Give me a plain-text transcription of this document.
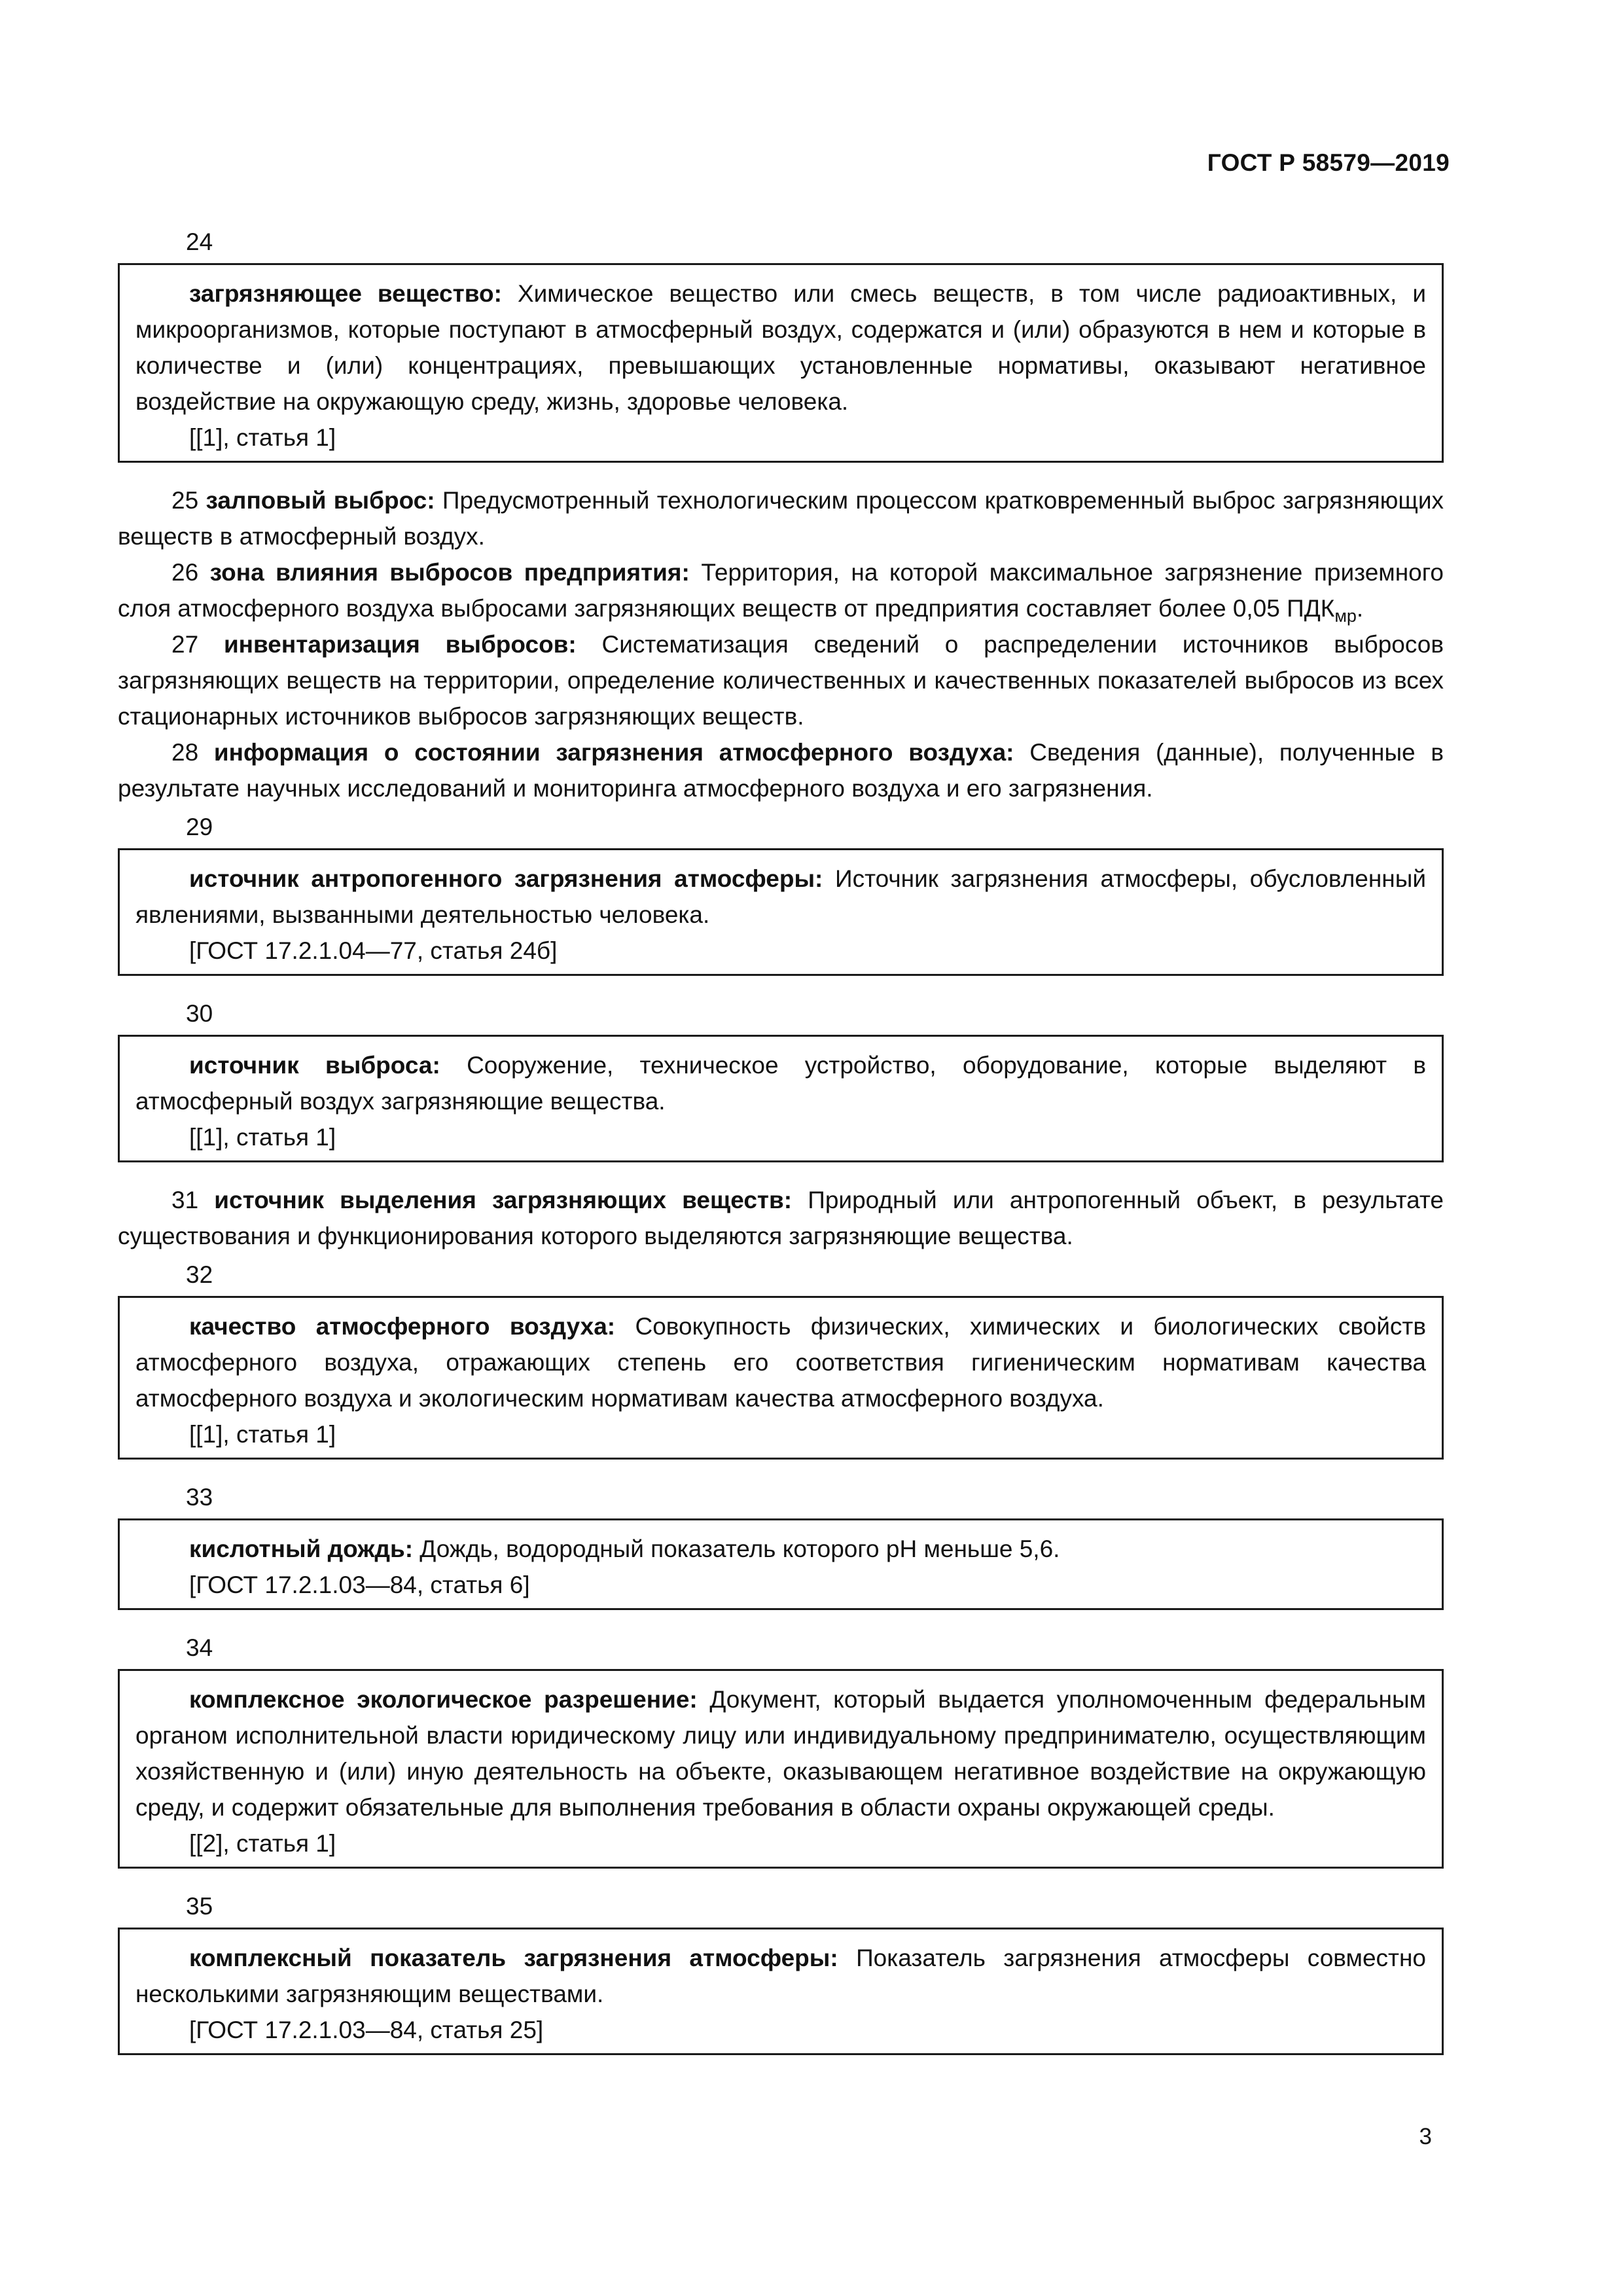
ГОСТ Р 58579—2019
24

загрязняющее вещество: Химическое вещество или смесь веществ, в том числе радиоактивных, и микроорганизмов, которые поступают в атмосферный воздух, содержатся и (или) образуются в нем и которые в количестве и (или) концентрациях, превышающих установленные нормативы, оказывают негативное воздействие на окружающую среду, жизнь, здоровье человека.

[[1], статья 1]

25 залповый выброс: Предусмотренный технологическим процессом кратковременный выброс загрязняющих веществ в атмосферный воздух.

26 зона влияния выбросов предприятия: Территория, на которой максимальное загрязнение приземного слоя атмосферного воздуха выбросами загрязняющих веществ от предприятия составляет более 0,05 $ПДК_{мр}$.

27 инвентаризация выбросов: Систематизация сведений о распределении источников выбросов загрязняющих веществ на территории, определение количественных и качественных показателей выбросов из всех стационарных источников выбросов загрязняющих веществ.

28 информация о состоянии загрязнения атмосферного воздуха: Сведения (данные), полученные в результате научных исследований и мониторинга атмосферного воздуха и его загрязнения.

29

источник антропогенного загрязнения атмосферы: Источник загрязнения атмосферы, обусловленный явлениями, вызванными деятельностью человека.

[ГОСТ 17.2.1.04—77, статья 24б]

30

источник выброса: Сооружение, техническое устройство, оборудование, которые выделяют в атмосферный воздух загрязняющие вещества.

[[1], статья 1]

31 источник выделения загрязняющих веществ: Природный или антропогенный объект, в результате существования и функционирования которого выделяются загрязняющие вещества.

32

качество атмосферного воздуха: Совокупность физических, химических и биологических свойств атмосферного воздуха, отражающих степень его соответствия гигиеническим нормативам качества атмосферного воздуха и экологическим нормативам качества атмосферного воздуха.

[[1], статья 1]

33

кислотный дождь: Дождь, водородный показатель которого pH меньше 5,6.

[ГОСТ 17.2.1.03—84, статья 6]

34

комплексное экологическое разрешение: Документ, который выдается уполномоченным федеральным органом исполнительной власти юридическому лицу или индивидуальному предпринимателю, осуществляющим хозяйственную и (или) иную деятельность на объекте, оказывающем негативное воздействие на окружающую среду, и содержит обязательные для выполнения требования в области охраны окружающей среды.

[[2], статья 1]

35

комплексный показатель загрязнения атмосферы: Показатель загрязнения атмосферы совместно несколькими загрязняющим веществами.

[ГОСТ 17.2.1.03—84, статья 25]

3
